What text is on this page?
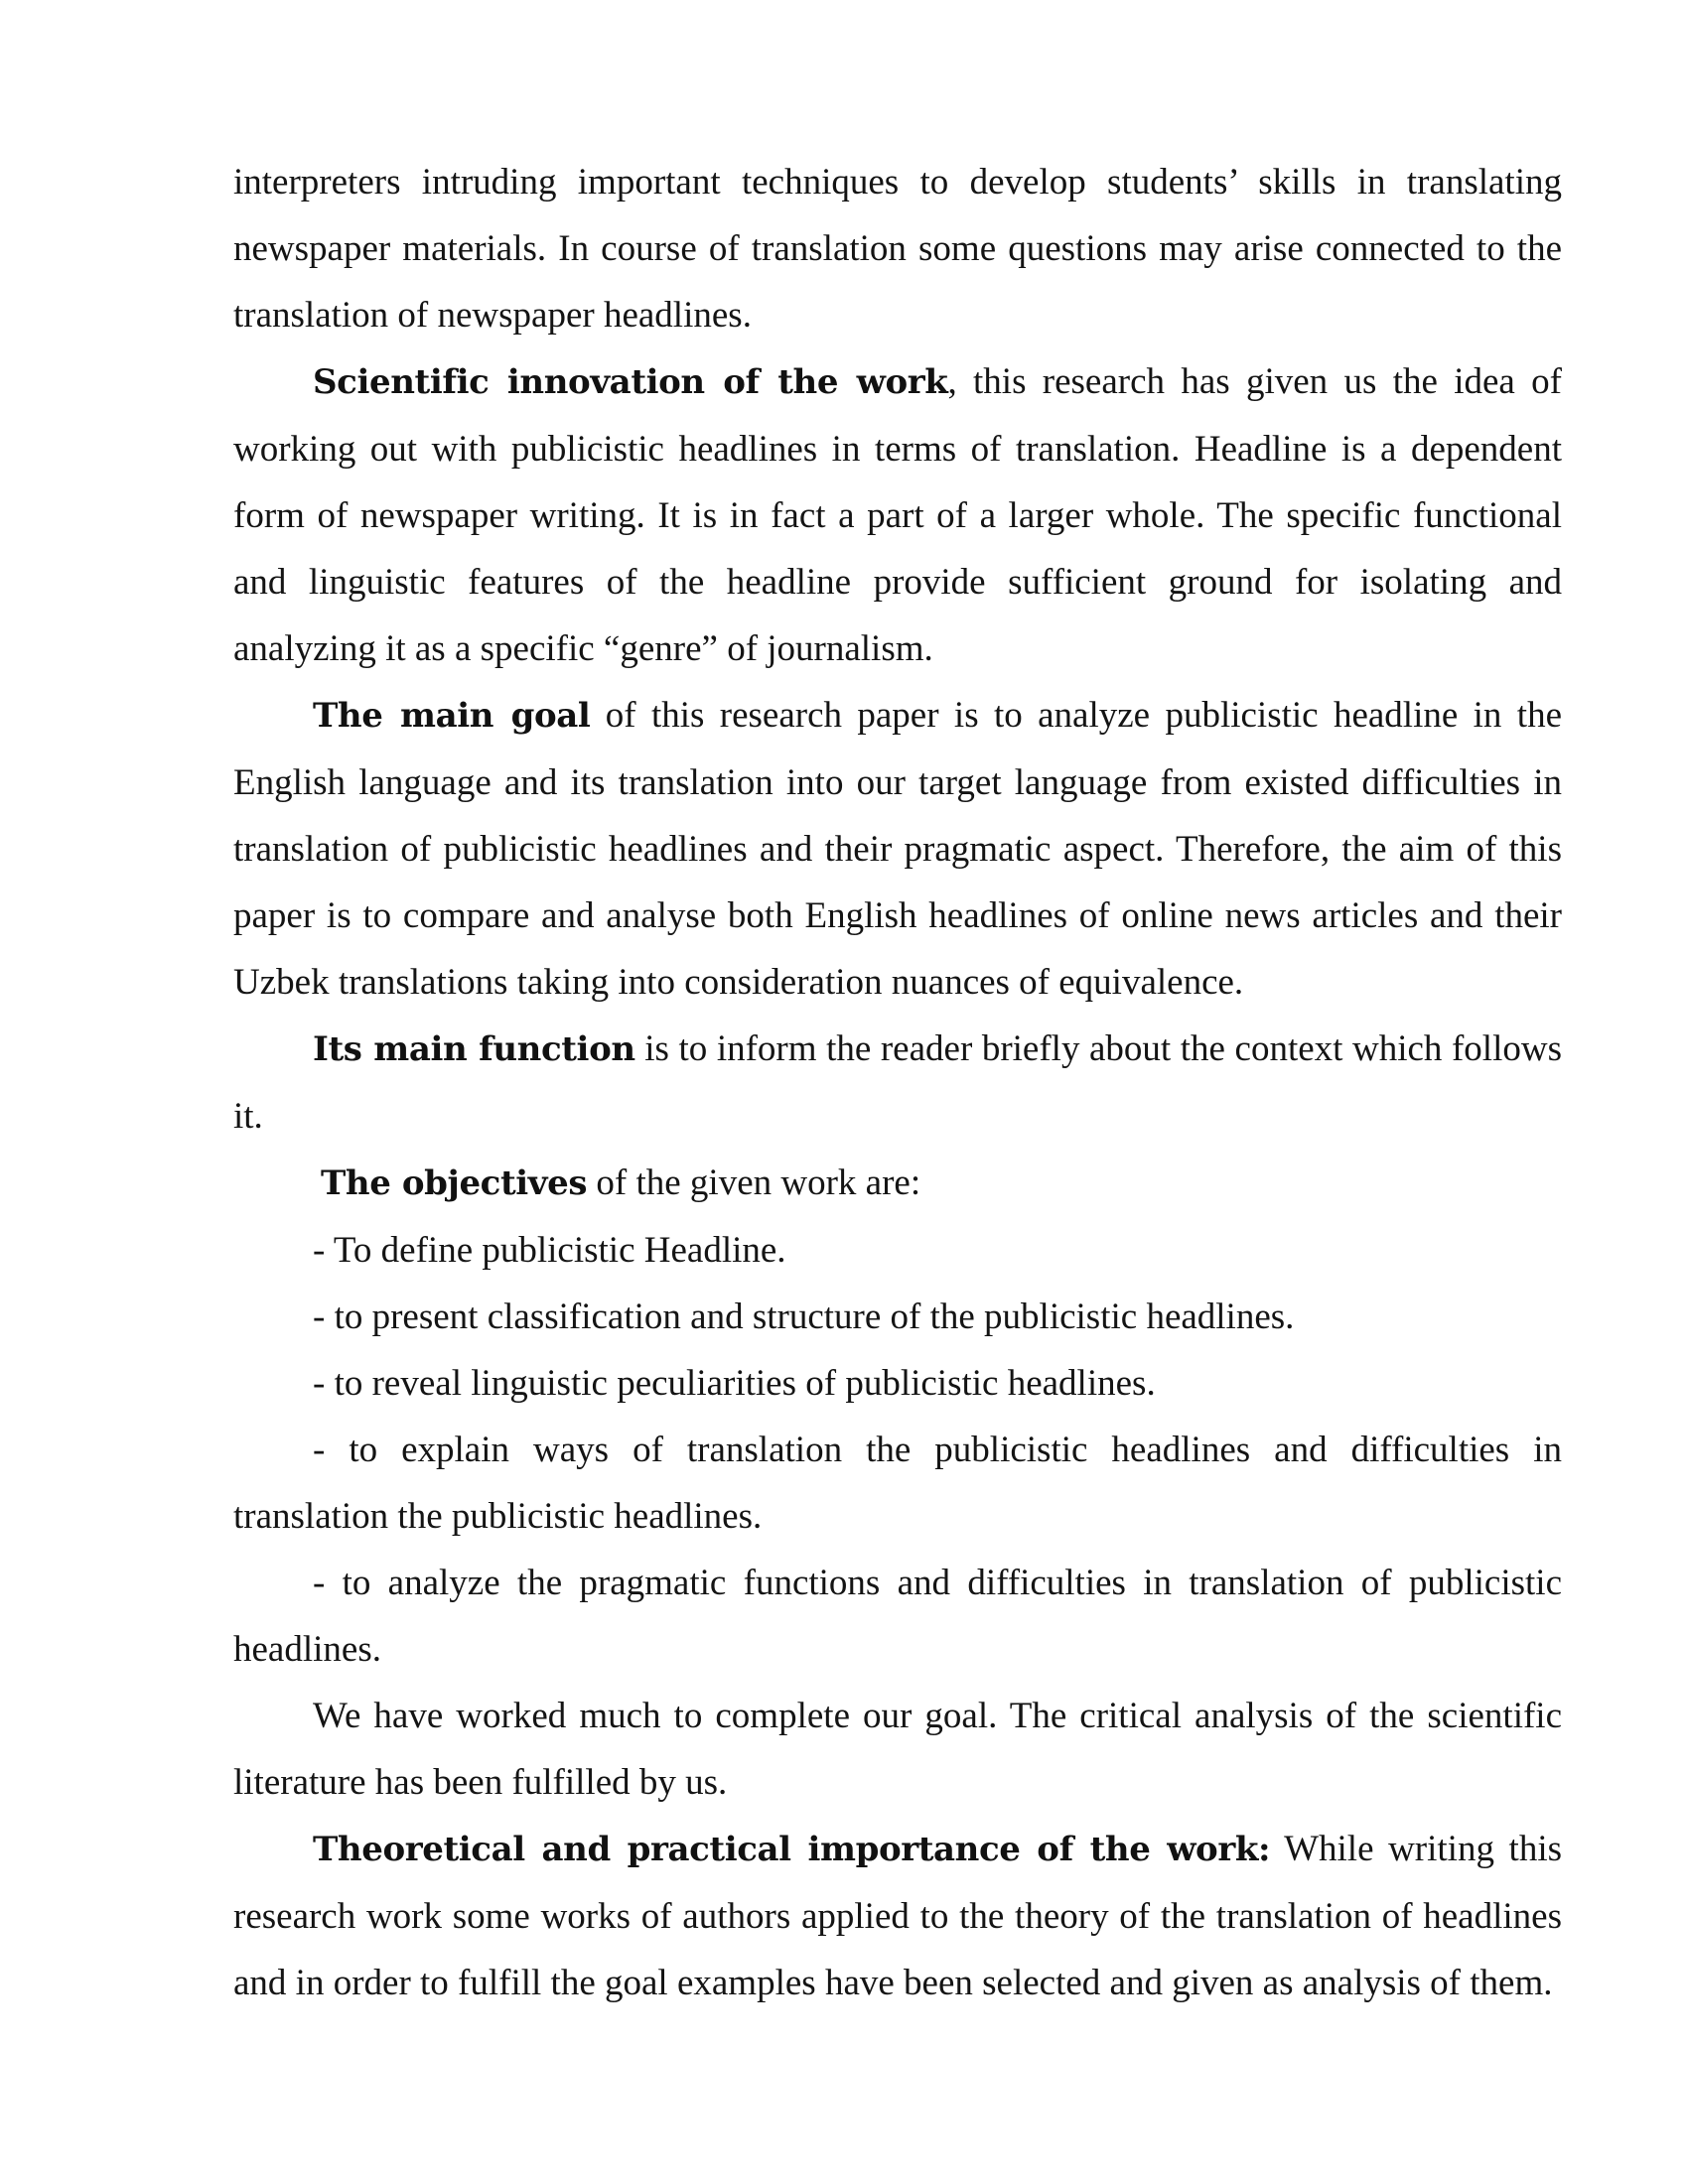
interpreters intruding important techniques to develop students’ skills in translating newspaper materials. In course of translation some questions may arise connected to the translation of newspaper headlines.

Scientific innovation of the work, this research has given us the idea of working out with publicistic headlines in terms of translation. Headline is a dependent form of newspaper writing. It is in fact a part of a larger whole. The specific functional and linguistic features of the headline provide sufficient ground for isolating and analyzing it as a specific “genre” of journalism.

The main goal of this research paper is to analyze publicistic headline in the English language and its translation into our target language from existed difficulties in translation of publicistic headlines and their pragmatic aspect. Therefore, the aim of this paper is to compare and analyse both English headlines of online news articles and their Uzbek translations taking into consideration nuances of equivalence.

Its main function is to inform the reader briefly about the context which follows it.

The objectives of the given work are:

- To define publicistic Headline.

- to present classification and structure of the publicistic headlines.

- to reveal linguistic peculiarities of publicistic headlines.

- to explain ways of translation the publicistic headlines and difficulties in translation the publicistic headlines.

- to analyze the pragmatic functions and difficulties in translation of publicistic headlines.

We have worked much to complete our goal. The critical analysis of the scientific literature has been fulfilled by us.

Theoretical and practical importance of the work: While writing this research work some works of authors applied to the theory of the translation of headlines and in order to fulfill the goal examples have been selected and given as analysis of them.
